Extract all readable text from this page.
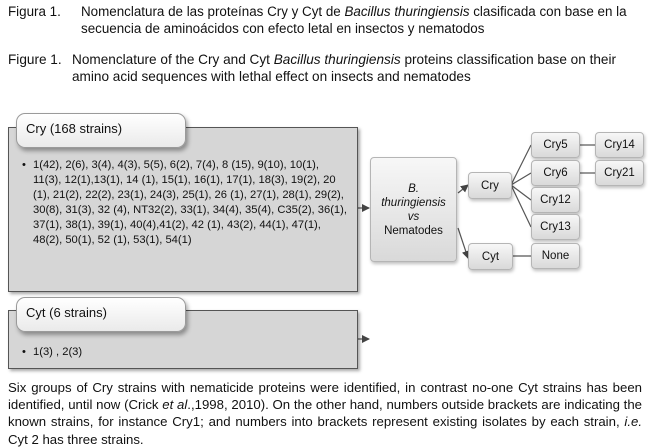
Figura 1. Nomenclatura de las proteínas Cry y Cyt de Bacillus thuringiensis clasificada con base en la secuencia de aminoácidos con efecto letal en insectos y nematodos
Figure 1. Nomenclature of the Cry and Cyt Bacillus thuringiensis proteins classification base on their amino acid sequences with lethal effect on insects and nematodes
Cry (168 strains)
• 1(42), 2(6), 3(4), 4(3), 5(5), 6(2), 7(4), 8 (15), 9(10), 10(1), 11(3), 12(1),13(1), 14 (1), 15(1), 16(1), 17(1), 18(3), 19(2), 20 (1), 21(2), 22(2), 23(1), 24(3), 25(1), 26 (1), 27(1), 28(1), 29(2), 30(8), 31(3), 32 (4), NT32(2), 33(1), 34(4), 35(4), C35(2), 36(1), 37(1), 38(1), 39(1), 40(4),41(2), 42 (1), 43(2), 44(1), 47(1), 48(2), 50(1), 52 (1), 53(1), 54(1)
Cyt (6 strains)
• 1(3) , 2(3)
B.
thuringiensis
vs
Nematodes
Cry
Cyt
Cry5
Cry6
Cry12
Cry13
Cry14
Cry21
None
Six groups of Cry strains with nematicide proteins were identified, in contrast no-one Cyt strains has been identified, until now (Crick et al.,1998, 2010). On the other hand, numbers outside brackets are indicating the known strains, for instance Cry1; and numbers into brackets represent existing isolates by each strain, i.e. Cyt 2 has three strains.
